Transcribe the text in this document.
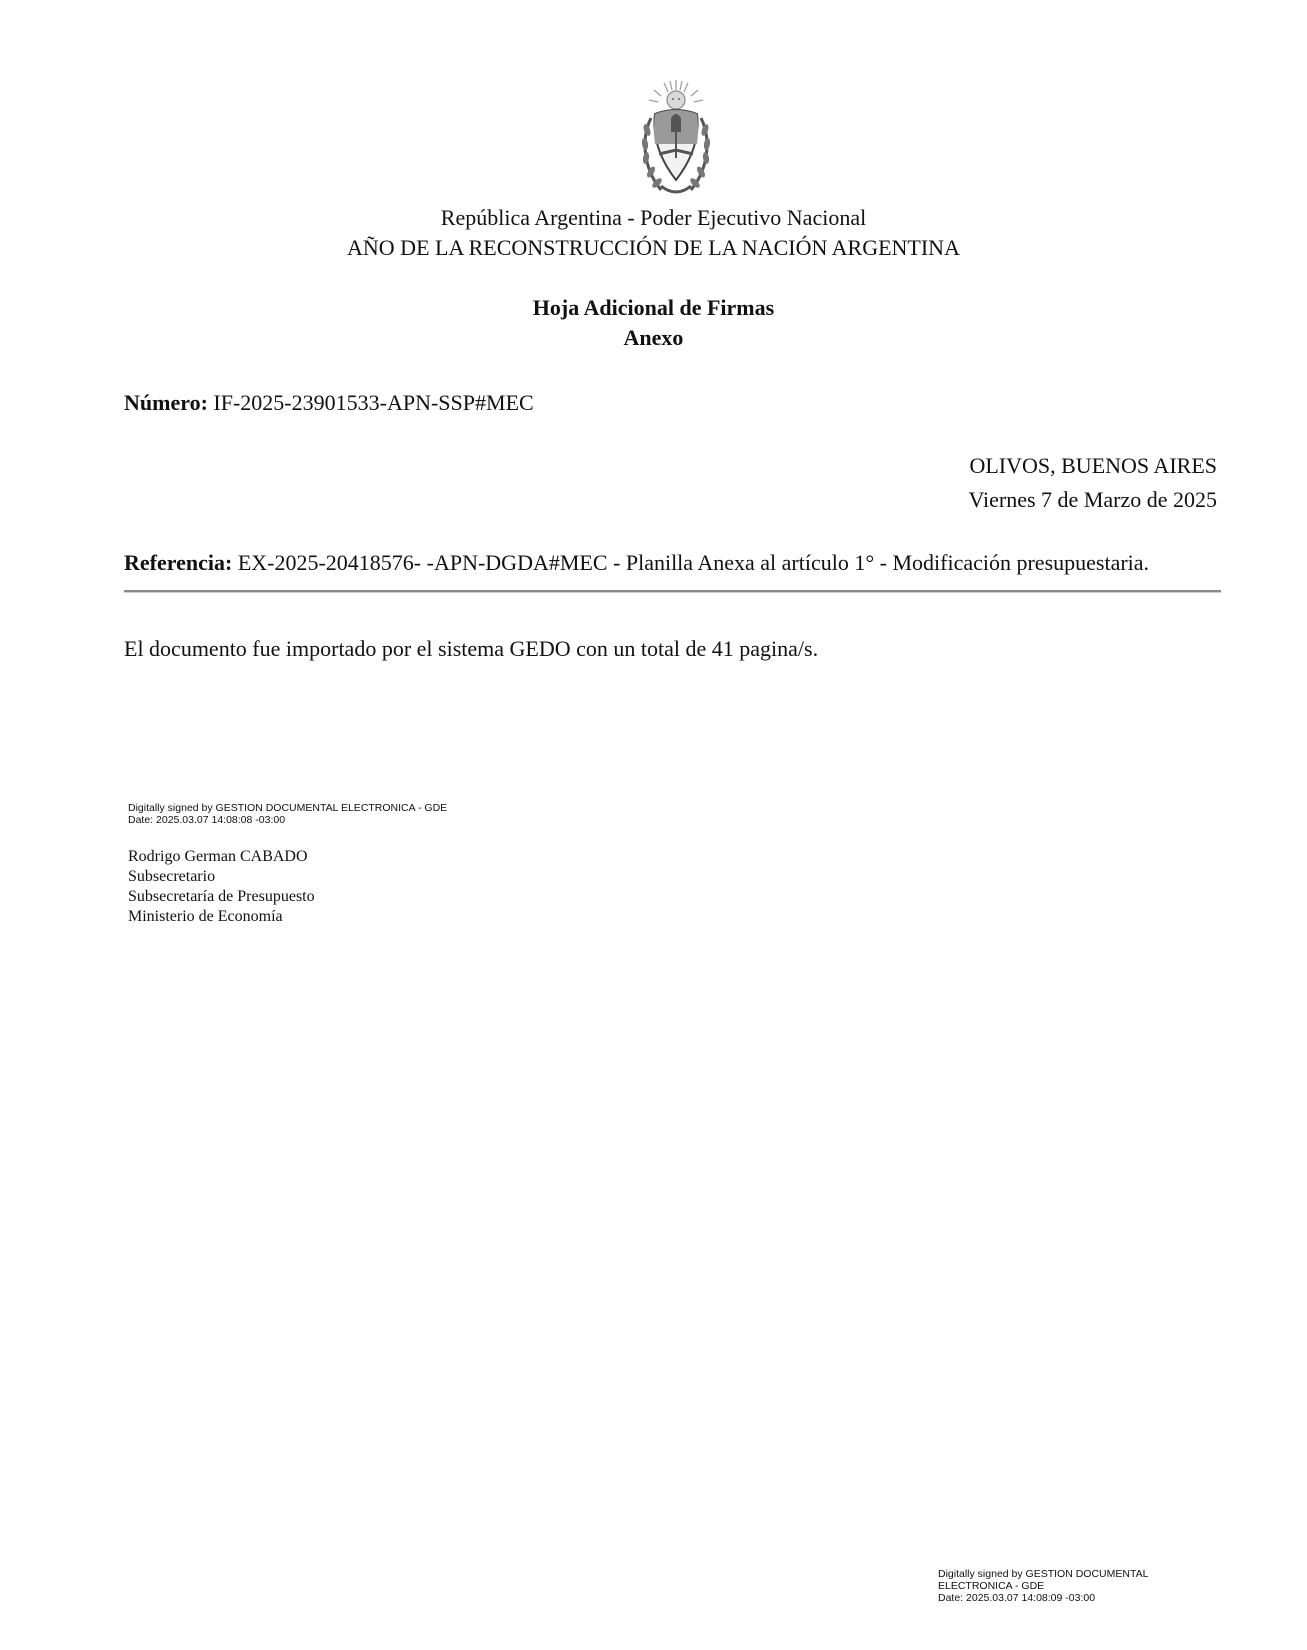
República Argentina - Poder Ejecutivo Nacional
AÑO DE LA RECONSTRUCCIÓN DE LA NACIÓN ARGENTINA
Hoja Adicional de Firmas
Anexo
Número: IF-2025-23901533-APN-SSP#MEC
OLIVOS, BUENOS AIRES
Viernes 7 de Marzo de 2025
Referencia: EX-2025-20418576- -APN-DGDA#MEC - Planilla Anexa al artículo 1° - Modificación presupuestaria.
El documento fue importado por el sistema GEDO con un total de 41 pagina/s.
Digitally signed by GESTION DOCUMENTAL ELECTRONICA - GDE
Date: 2025.03.07 14:08:08 -03:00
Rodrigo German CABADO
Subsecretario
Subsecretaría de Presupuesto
Ministerio de Economía
Digitally signed by GESTION DOCUMENTAL
ELECTRONICA - GDE
Date: 2025.03.07 14:08:09 -03:00
